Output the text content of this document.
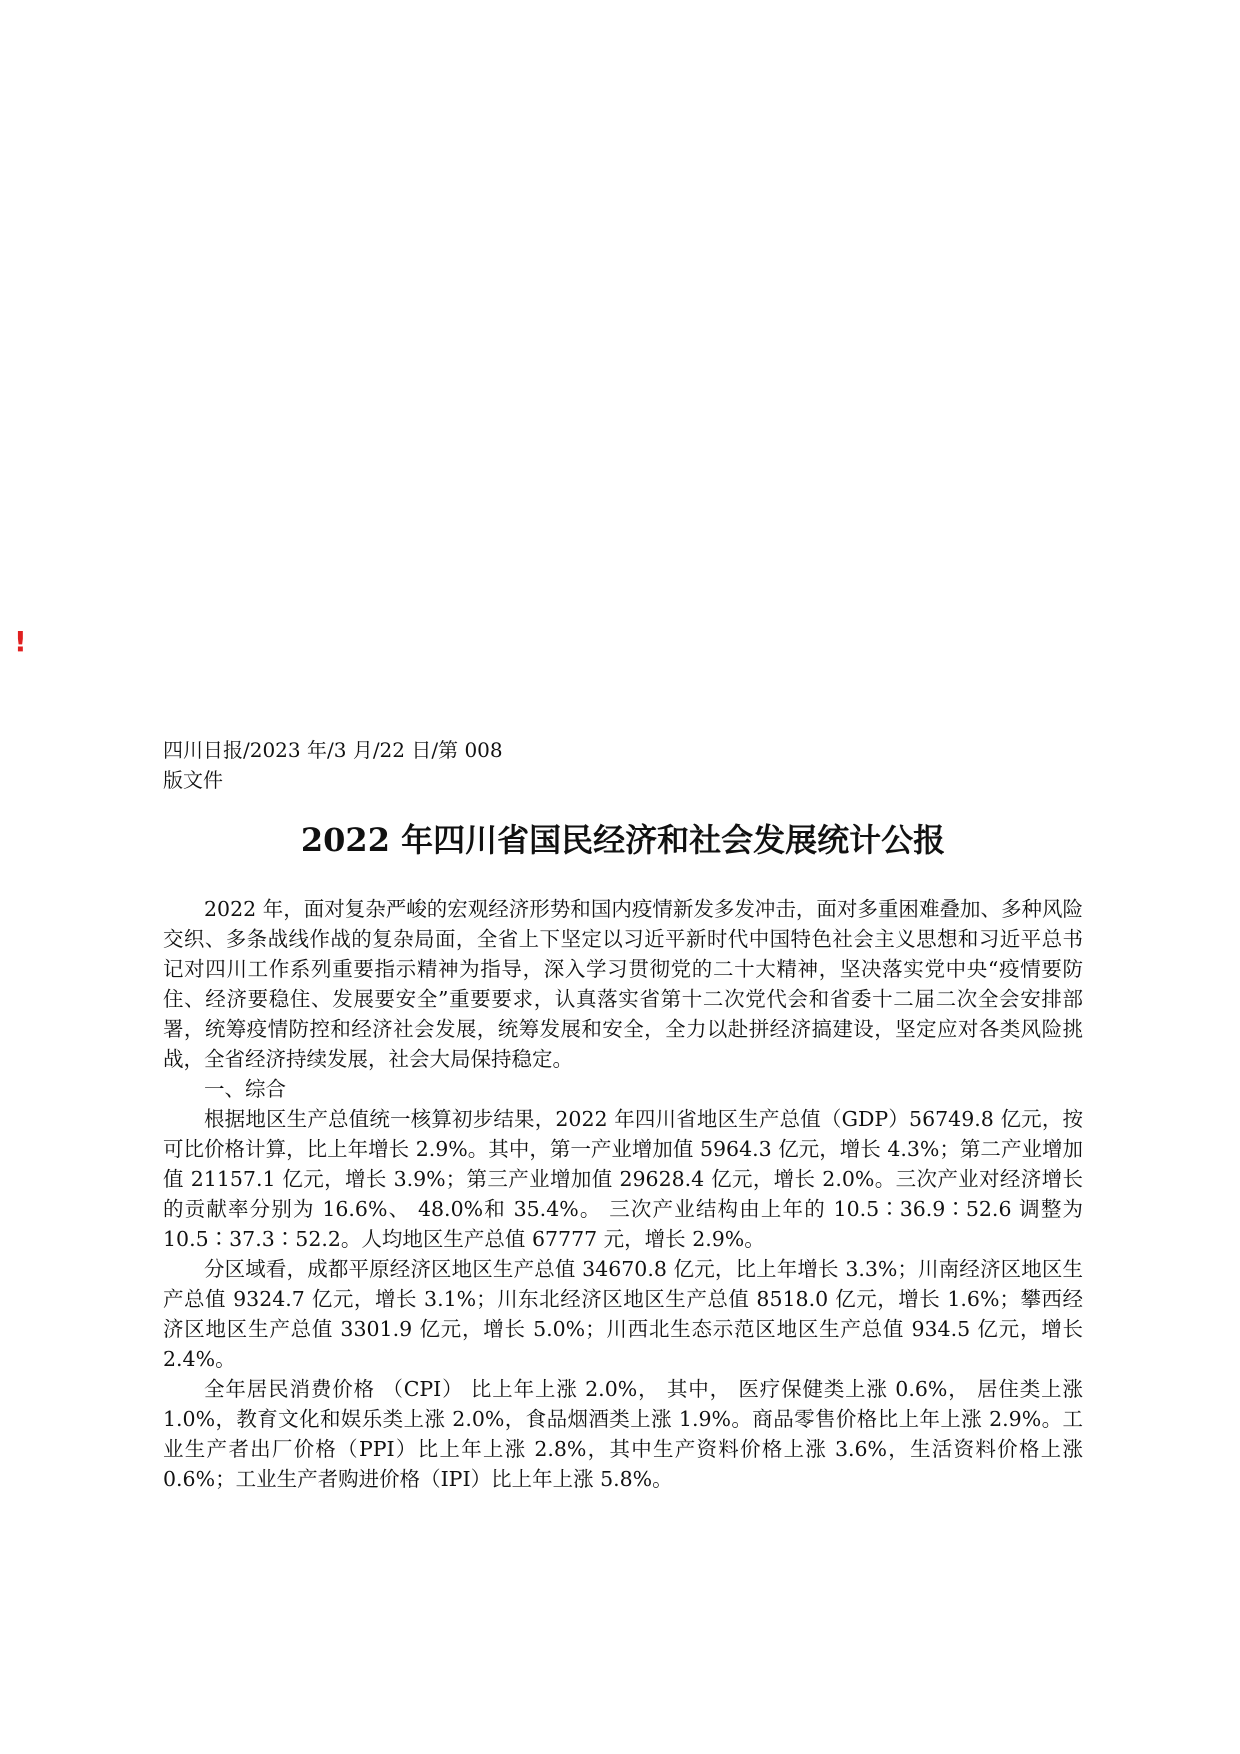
!
四川日报/2023 年/3 月/22 日/第 008
版文件
2022 年四川省国民经济和社会发展统计公报

2022 年，面对复杂严峻的宏观经济形势和国内疫情新发多发冲击，面对多重困难叠加、多种风险交织、多条战线作战的复杂局面，全省上下坚定以习近平新时代中国特色社会主义思想和习近平总书记对四川工作系列重要指示精神为指导，深入学习贯彻党的二十大精神，坚决落实党中央“疫情要防住、经济要稳住、发展要安全”重要要求，认真落实省第十二次党代会和省委十二届二次全会安排部署，统筹疫情防控和经济社会发展，统筹发展和安全，全力以赴拼经济搞建设，坚定应对各类风险挑战，全省经济持续发展，社会大局保持稳定。

一、综合

根据地区生产总值统一核算初步结果，2022 年四川省地区生产总值（GDP）56749.8 亿元，按可比价格计算，比上年增长 2.9%。其中，第一产业增加值 5964.3 亿元，增长 4.3%；第二产业增加值 21157.1 亿元，增长 3.9%；第三产业增加值 29628.4 亿元，增长 2.0%。三次产业对经济增长的贡献率分别为 16.6%、 48.0%和 35.4%。 三次产业结构由上年的 10.5∶36.9∶52.6 调整为 10.5∶37.3∶52.2。人均地区生产总值 67777 元，增长 2.9%。

分区域看，成都平原经济区地区生产总值 34670.8 亿元，比上年增长 3.3%；川南经济区地区生产总值 9324.7 亿元，增长 3.1%；川东北经济区地区生产总值 8518.0 亿元，增长 1.6%；攀西经济区地区生产总值 3301.9 亿元，增长 5.0%；川西北生态示范区地区生产总值 934.5 亿元，增长 2.4%。

全年居民消费价格 （CPI） 比上年上涨 2.0%， 其中， 医疗保健类上涨 0.6%， 居住类上涨 1.0%，教育文化和娱乐类上涨 2.0%，食品烟酒类上涨 1.9%。商品零售价格比上年上涨 2.9%。工业生产者出厂价格（PPI）比上年上涨 2.8%，其中生产资料价格上涨 3.6%，生活资料价格上涨 0.6%；工业生产者购进价格（IPI）比上年上涨 5.8%。
